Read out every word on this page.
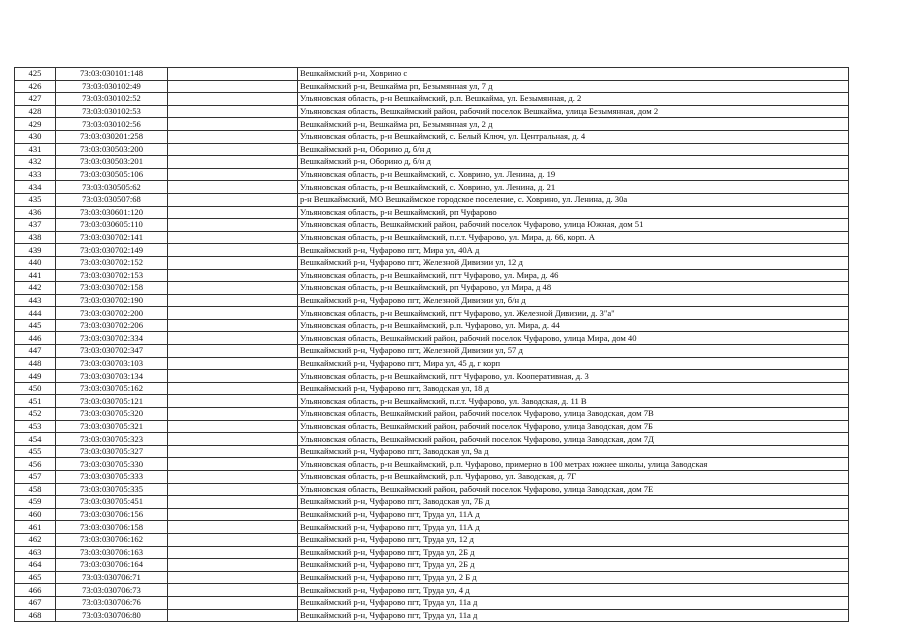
425	73:03:030101:148		Вешкаймский р-н, Ховрино с
426	73:03:030102:49		Вешкаймский р-н, Вешкайма рп, Безымянная ул, 7 д
427	73:03:030102:52		Ульяновская область, р-н Вешкаймский, р.п. Вешкайма, ул. Безымянная, д. 2
428	73:03:030102:53		Ульяновская область, Вешкаймский район, рабочий поселок Вешкайма, улица Безымянная, дом 2
429	73:03:030102:56		Вешкаймский р-н, Вешкайма рп, Безымянная ул, 2 д
430	73:03:030201:258		Ульяновская область, р-н Вешкаймский, с. Белый Ключ, ул. Центральная, д. 4
431	73:03:030503:200		Вешкаймский р-н, Оборино д, б/н д
432	73:03:030503:201		Вешкаймский р-н, Оборино д, б/н д
433	73:03:030505:106		Ульяновская область, р-н Вешкаймский, с. Ховрино, ул. Ленина, д. 19
434	73:03:030505:62		Ульяновская область, р-н Вешкаймский, с. Ховрино, ул. Ленина, д. 21
435	73:03:030507:68		р-н Вешкаймский, МО Вешкаймское городское поселение, с. Ховрино, ул. Ленина, д. 30а
436	73:03:030601:120		Ульяновская область, р-н Вешкаймский, рп Чуфарово
437	73:03:030605:110		Ульяновская область, Вешкаймский район, рабочий поселок Чуфарово, улица Южная, дом 51
438	73:03:030702:141		Ульяновская область, р-н Вешкаймский, п.г.т. Чуфарово, ул. Мира, д. 66, корп. А
439	73:03:030702:149		Вешкаймский р-н, Чуфарово пгт, Мира ул, 40А д
440	73:03:030702:152		Вешкаймский р-н, Чуфарово пгт, Железной Дивизии ул, 12 д
441	73:03:030702:153		Ульяновская область, р-н Вешкаймский, пгт Чуфарово, ул. Мира, д. 46
442	73:03:030702:158		Ульяновская область, р-н Вешкаймский, рп Чуфарово, ул Мира, д 48
443	73:03:030702:190		Вешкаймский р-н, Чуфарово пгт, Железной Дивизии ул, б/н д
444	73:03:030702:200		Ульяновская область, р-н Вешкаймский, пгт Чуфарово, ул. Железной Дивизии, д. 3"а"
445	73:03:030702:206		Ульяновская область, р-н Вешкаймский, р.п. Чуфарово, ул. Мира, д. 44
446	73:03:030702:334		Ульяновская область, Вешкаймский район, рабочий поселок Чуфарово, улица Мира, дом 40
447	73:03:030702:347		Вешкаймский р-н, Чуфарово пгт, Железной Дивизии ул, 57 д
448	73:03:030703:103		Вешкаймский р-н, Чуфарово пгт, Мира ул, 45 д, г корп
449	73:03:030703:134		Ульяновская область, р-н Вешкаймский, пгт Чуфарово, ул. Кооперативная, д. 3
450	73:03:030705:162		Вешкаймский р-н, Чуфарово пгт, Заводская ул, 18 д
451	73:03:030705:121		Ульяновская область, р-н Вешкаймский, п.г.т. Чуфарово, ул. Заводская, д. 11 В
452	73:03:030705:320		Ульяновская область, Вешкаймский район, рабочий поселок Чуфарово, улица Заводская, дом 7В
453	73:03:030705:321		Ульяновская область, Вешкаймский район, рабочий поселок Чуфарово, улица Заводская, дом 7Б
454	73:03:030705:323		Ульяновская область, Вешкаймский район, рабочий поселок Чуфарово, улица Заводская, дом 7Д
455	73:03:030705:327		Вешкаймский р-н, Чуфарово пгт, Заводская ул, 9а д
456	73:03:030705:330		Ульяновская область, р-н Вешкаймский, р.п. Чуфарово, примерно в 100 метрах южнее школы, улица Заводская
457	73:03:030705:333		Ульяновская область, р-н Вешкаймский, р.п. Чуфарово, ул. Заводская, д. 7Г
458	73:03:030705:335		Ульяновская область, Вешкаймский район, рабочий поселок Чуфарово, улица Заводская, дом 7Е
459	73:03:030705:451		Вешкаймский р-н, Чуфарово пгт, Заводская ул, 7Б д
460	73:03:030706:156		Вешкаймский р-н, Чуфарово пгт, Труда ул, 11А д
461	73:03:030706:158		Вешкаймский р-н, Чуфарово пгт, Труда ул, 11А д
462	73:03:030706:162		Вешкаймский р-н, Чуфарово пгт, Труда ул, 12 д
463	73:03:030706:163		Вешкаймский р-н, Чуфарово пгт, Труда ул, 2Б д
464	73:03:030706:164		Вешкаймский р-н, Чуфарово пгт, Труда ул, 2Б д
465	73:03:030706:71		Вешкаймский р-н, Чуфарово пгт, Труда ул, 2 Б д
466	73:03:030706:73		Вешкаймский р-н, Чуфарово пгт, Труда ул, 4 д
467	73:03:030706:76		Вешкаймский р-н, Чуфарово пгт, Труда ул, 11а д
468	73:03:030706:80		Вешкаймский р-н, Чуфарово пгт, Труда ул, 11а д
